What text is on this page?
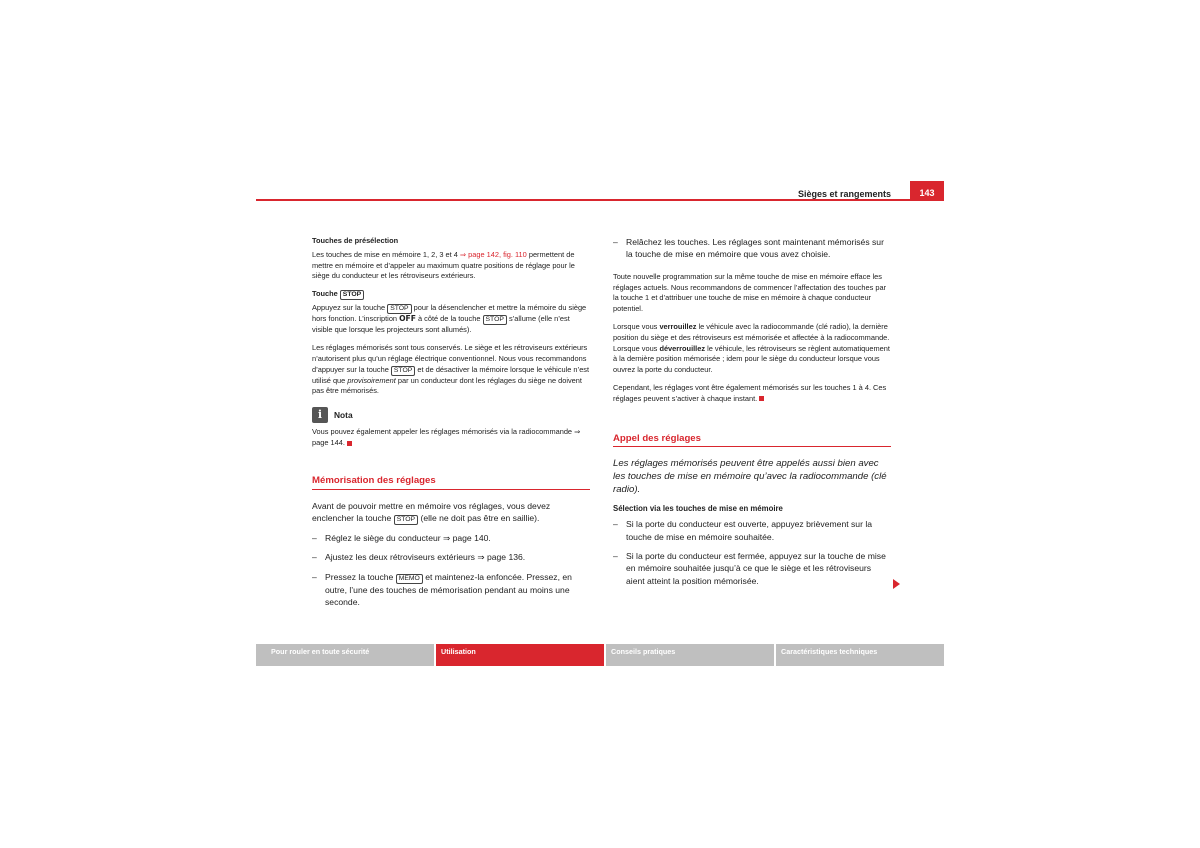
Sièges et rangements	143
Touches de présélection

Les touches de mise en mémoire 1, 2, 3 et 4 ⇒ page 142, fig. 110 permettent de mettre en mémoire et d’appeler au maximum quatre positions de réglage pour le siège du conducteur et les rétroviseurs extérieurs.

Touche STOP

Appuyez sur la touche STOP pour la désenclencher et mettre la mémoire du siège hors fonction. L’inscription OFF à côté de la touche STOP s’allume (elle n’est visible que lorsque les projecteurs sont allumés).

Les réglages mémorisés sont tous conservés. Le siège et les rétroviseurs extérieurs n’autorisent plus qu’un réglage électrique conventionnel. Nous vous recommandons d’appuyer sur la touche STOP et de désactiver la mémoire lorsque le véhicule n’est utilisé que provisoirement par un conducteur dont les réglages du siège ne doivent pas être mémorisés.

i	Nota

Vous pouvez également appeler les réglages mémorisés via la radiocommande ⇒ page 144.

Mémorisation des réglages

Avant de pouvoir mettre en mémoire vos réglages, vous devez enclencher la touche STOP (elle ne doit pas être en saillie).

– Réglez le siège du conducteur ⇒ page 140.
– Ajustez les deux rétroviseurs extérieurs ⇒ page 136.
– Pressez la touche MEMO et maintenez-la enfoncée. Pressez, en outre, l’une des touches de mémorisation pendant au moins une seconde.
– Relâchez les touches. Les réglages sont maintenant mémorisés sur la touche de mise en mémoire que vous avez choisie.

Toute nouvelle programmation sur la même touche de mise en mémoire efface les réglages actuels. Nous recommandons de commencer l’affectation des touches par la touche 1 et d’attribuer une touche de mise en mémoire à chaque conducteur potentiel.

Lorsque vous verrouillez le véhicule avec la radiocommande (clé radio), la dernière position du siège et des rétroviseurs est mémorisée et affectée à la radiocommande. Lorsque vous déverrouillez le véhicule, les rétroviseurs se règlent automatiquement à la dernière position mémorisée ; idem pour le siège du conducteur lorsque vous ouvrez la porte du conducteur.

Cependant, les réglages vont être également mémorisés sur les touches 1 à 4. Ces réglages peuvent s’activer à chaque instant.

Appel des réglages
Les réglages mémorisés peuvent être appelés aussi bien avec les touches de mise en mémoire qu’avec la radiocommande (clé radio).
Sélection via les touches de mise en mémoire
– Si la porte du conducteur est ouverte, appuyez brièvement sur la touche de mise en mémoire souhaitée.
– Si la porte du conducteur est fermée, appuyez sur la touche de mise en mémoire souhaitée jusqu’à ce que le siège et les rétroviseurs aient atteint la position mémorisée.
Pour rouler en toute sécurité	Utilisation	Conseils pratiques	Caractéristiques techniques
